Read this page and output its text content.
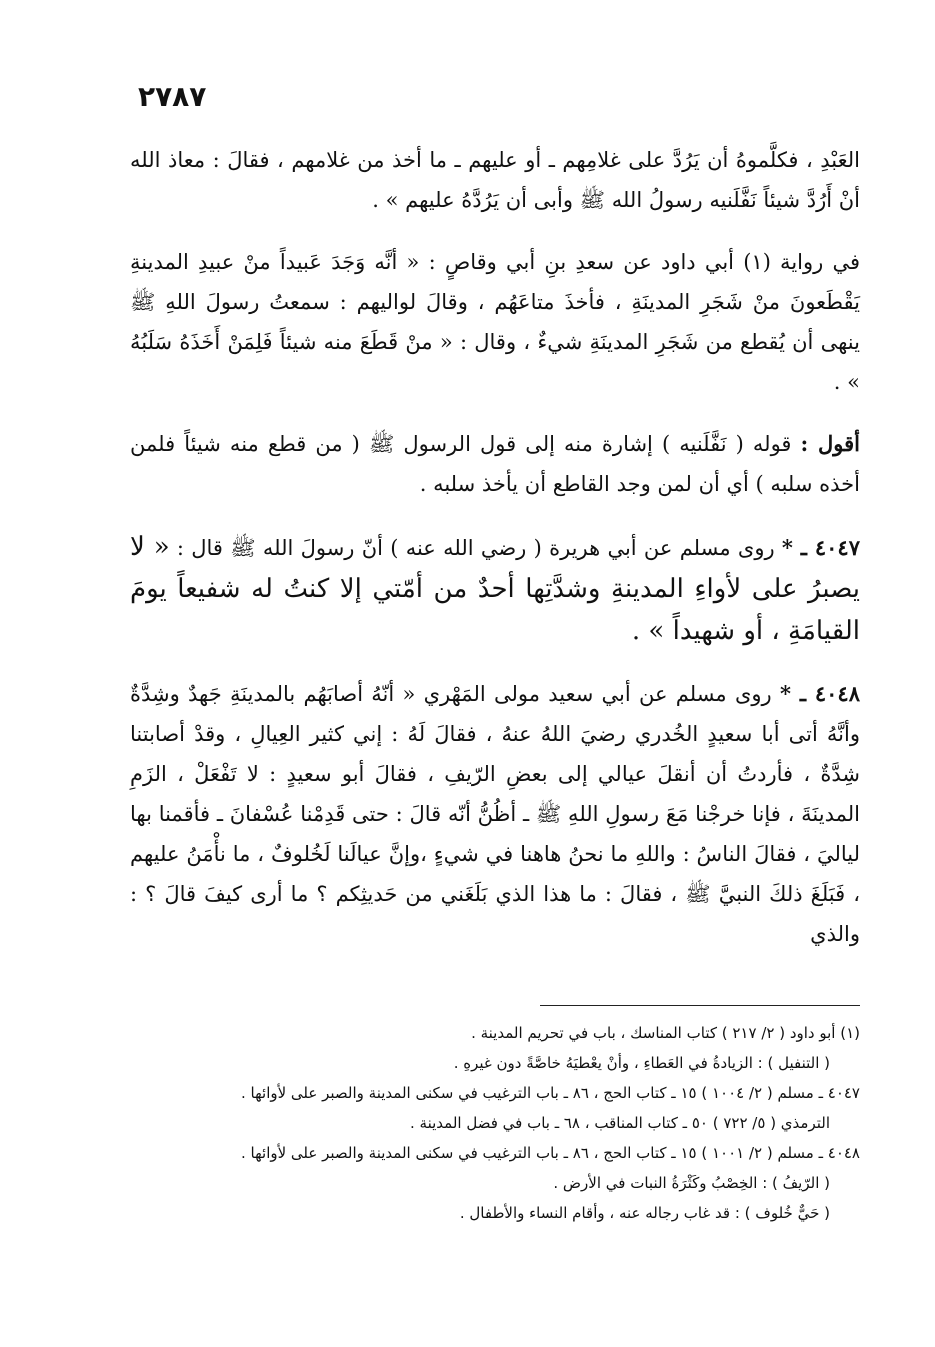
٢٧٨٧

العَبْدِ ، فكلَّموهُ أن يَرُدَّ على غلامِهم ـ أو عليهم ـ ما أخذ من غلامهم ، فقالَ : معاذ الله أنْ أَرُدَّ شيئاً نَفَّلَنيه رسولُ الله ﷺ وأبى أن يَرُدَّهُ عليهم » .

في رواية (١) أبي داود عن سعدِ بنِ أبي وقاصٍ : « أنَّه وَجَدَ عَبيداً منْ عبيدِ المدينةِ يَقْطَعونَ منْ شَجَرِ المدينَةِ ، فأخذَ متاعَهُم ، وقالَ لواليهم : سمعتُ رسولَ اللهِ ﷺ ينهى أن يُقطع من شَجَرِ المدينَةِ شيءٌ ، وقال : « منْ قَطَعَ منه شيئاً فَلِمَنْ أَخَذَهُ سَلَبُهُ » .

أقول : قوله ( نَفَّلَنيه ) إشارة منه إلى قول الرسول ﷺ ( من قطع منه شيئاً فلمن أخذه سلبه ) أي أن لمن وجد القاطع أن يأخذ سلبه .

٤٠٤٧ ـ * روى مسلم عن أبي هريرة ( رضي الله عنه ) أنّ رسولَ الله ﷺ قال : « لا يصبرُ على لأواءِ المدينةِ وشدَّتِها أحدٌ من أمّتي إلا كنتُ له شفيعاً يومَ القيامَةِ ، أو شهيداً » .

٤٠٤٨ ـ * روى مسلم عن أبي سعيد مولى المَهْري « أنّهُ أصابَهُم بالمدينَةِ جَهدٌ وشِدَّةٌ وأنَّهُ أتى أبا سعيدٍ الخُدري رضيَ اللهُ عنهُ ، فقالَ لَهُ : إني كثير العِيالِ ، وقدْ أصابتنا شِدَّةٌ ، فأردتُ أن أنقلَ عيالي إلى بعضِ الرّيفِ ، فقالَ أبو سعيدٍ : لا تَفْعَلْ ، الزَمِ المدينَةَ ، فإنا خرجْنا مَعَ رسولِ اللهِ ﷺ ـ أظُنُّ أنّه قالَ : حتى قَدِمْنا عُسْفانَ ـ فأقمنا بها لياليَ ، فقالَ الناسُ : واللهِ ما نحنُ هاهنا في شيءٍ ،وإنَّ عيالَنا لَخُلوفٌ ، ما نأْمَنُ عليهم ، فَبَلَغَ ذلكَ النبيَّ ﷺ ، فقالَ : ما هذا الذي بَلَغَني من حَديثِكم ؟ ما أرى كيفَ قالَ ؟ : والذي

(١) أبو داود ( ٢/ ٢١٧ ) كتاب المناسك ، باب في تحريم المدينة .

( التنفيل ) : الزيادةُ في العَطاءِ ، وأنْ يعْطيَهُ خاصَّةً دون غيرهِ .

٤٠٤٧ ـ مسلم ( ٢/ ١٠٠٤ ) ١٥ ـ كتاب الحج ، ٨٦ ـ باب الترغيب في سكنى المدينة والصبر على لأوائها .

الترمذي ( ٥/ ٧٢٢ ) ٥٠ ـ كتاب المناقب ، ٦٨ ـ باب في فضل المدينة .

٤٠٤٨ ـ مسلم ( ٢/ ١٠٠١ ) ١٥ ـ كتاب الحج ، ٨٦ ـ باب الترغيب في سكنى المدينة والصبر على لأوائها .

( الرّيفُ ) : الخِصْبُ وكَثْرَةُ النبات في الأرض .

( حَيٌّ خُلوف ) : قد غاب رجاله عنه ، وأقام النساء والأطفال .
